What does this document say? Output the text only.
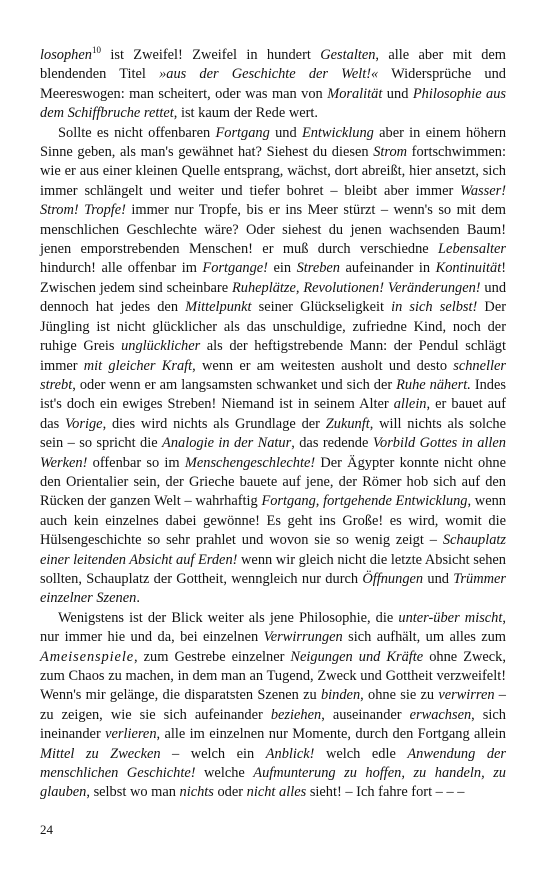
losophen$^{10}$ ist Zweifel! Zweifel in hundert Gestalten, alle aber mit dem blendenden Titel »aus der Geschichte der Welt!« Widersprüche und Meereswogen: man scheitert, oder was man von Moralität und Philosophie aus dem Schiffbruche rettet, ist kaum der Rede wert.

Sollte es nicht offenbaren Fortgang und Entwicklung aber in einem höhern Sinne geben, als man's gewähnet hat? Siehest du diesen Strom fortschwimmen: wie er aus einer kleinen Quelle entsprang, wächst, dort abreißt, hier ansetzt, sich immer schlängelt und weiter und tiefer bohret – bleibt aber immer Wasser! Strom! Tropfe! immer nur Tropfe, bis er ins Meer stürzt – wenn's so mit dem menschlichen Geschlechte wäre? Oder siehest du jenen wachsenden Baum! jenen emporstrebenden Menschen! er muß durch verschiedne Lebensalter hindurch! alle offenbar im Fortgange! ein Streben aufeinander in Kontinuität! Zwischen jedem sind scheinbare Ruheplätze, Revolutionen! Veränderungen! und dennoch hat jedes den Mittelpunkt seiner Glückseligkeit in sich selbst! Der Jüngling ist nicht glücklicher als das unschuldige, zufriedne Kind, noch der ruhige Greis unglücklicher als der heftigstrebende Mann: der Pendul schlägt immer mit gleicher Kraft, wenn er am weitesten ausholt und desto schneller strebt, oder wenn er am langsamsten schwanket und sich der Ruhe nähert. Indes ist's doch ein ewiges Streben! Niemand ist in seinem Alter allein, er bauet auf das Vorige, dies wird nichts als Grundlage der Zukunft, will nichts als solche sein – so spricht die Analogie in der Natur, das redende Vorbild Gottes in allen Werken! offenbar so im Menschengeschlechte! Der Ägypter konnte nicht ohne den Orientalier sein, der Grieche bauete auf jene, der Römer hob sich auf den Rücken der ganzen Welt – wahrhaftig Fortgang, fortgehende Entwicklung, wenn auch kein einzelnes dabei gewönne! Es geht ins Große! es wird, womit die Hülsengeschichte so sehr prahlet und wovon sie so wenig zeigt – Schauplatz einer leitenden Absicht auf Erden! wenn wir gleich nicht die letzte Absicht sehen sollten, Schauplatz der Gottheit, wenngleich nur durch Öffnungen und Trümmer einzelner Szenen.

Wenigstens ist der Blick weiter als jene Philosophie, die unter-über mischt, nur immer hie und da, bei einzelnen Verwirrungen sich aufhält, um alles zum Ameisenspiele, zum Gestrebe einzelner Neigungen und Kräfte ohne Zweck, zum Chaos zu machen, in dem man an Tugend, Zweck und Gottheit verzweifelt! Wenn's mir gelänge, die disparatsten Szenen zu binden, ohne sie zu verwirren – zu zeigen, wie sie sich aufeinander beziehen, auseinander erwachsen, sich ineinander verlieren, alle im einzelnen nur Momente, durch den Fortgang allein Mittel zu Zwecken – welch ein Anblick! welch edle Anwendung der menschlichen Geschichte! welche Aufmunterung zu hoffen, zu handeln, zu glauben, selbst wo man nichts oder nicht alles sieht! – Ich fahre fort – – –

24
